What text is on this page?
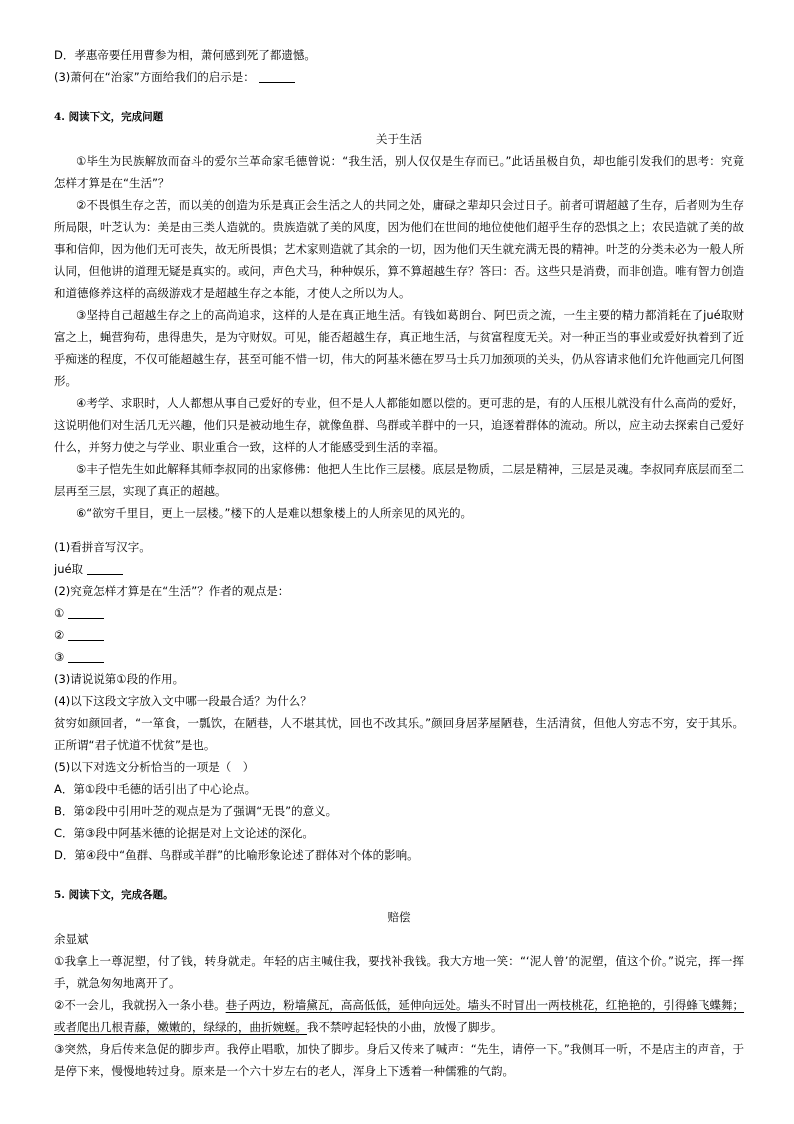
D．孝惠帝要任用曹参为相，萧何感到死了都遗憾。

(3)萧何在“治家”方面给我们的启示是：

4. 阅读下文，完成问题

关于生活

①毕生为民族解放而奋斗的爱尔兰革命家毛德曾说：“我生活，别人仅仅是生存而已。”此话虽极自负，却也能引发我们的思考：究竟怎样才算是在“生活”？

②不畏惧生存之苦，而以美的创造为乐是真正会生活之人的共同之处，庸碌之辈却只会过日子。前者可谓超越了生存，后者则为生存所局限，叶芝认为：美是由三类人造就的。贵族造就了美的风度，因为他们在世间的地位使他们超乎生存的恐惧之上；农民造就了美的故事和信仰，因为他们无可丧失，故无所畏惧；艺术家则造就了其余的一切，因为他们天生就充满无畏的精神。叶芝的分类未必为一般人所认同，但他讲的道理无疑是真实的。或问，声色犬马，种种娱乐，算不算超越生存？答曰：否。这些只是消费，而非创造。唯有智力创造和道德修养这样的高级游戏才是超越生存之本能，才使人之所以为人。

③坚持自己超越生存之上的高尚追求，这样的人是在真正地生活。有钱如葛朗台、阿巴贡之流，一生主要的精力都消耗在了jué取财富之上，蝇营狗苟，患得患失，是为守财奴。可见，能否超越生存，真正地生活，与贫富程度无关。对一种正当的事业或爱好执着到了近乎痴迷的程度，不仅可能超越生存，甚至可能不惜一切，伟大的阿基米德在罗马士兵刀加颈项的关头，仍从容请求他们允许他画完几何图形。

④考学、求职时，人人都想从事自己爱好的专业，但不是人人都能如愿以偿的。更可悲的是，有的人压根儿就没有什么高尚的爱好，这说明他们对生活几无兴趣，他们只是被动地生存，就像鱼群、鸟群或羊群中的一只，追逐着群体的流动。所以，应主动去探索自己爱好什么，并努力使之与学业、职业重合一致，这样的人才能感受到生活的幸福。

⑤丰子恺先生如此解释其师李叔同的出家修佛：他把人生比作三层楼。底层是物质，二层是精神，三层是灵魂。李叔同弃底层而至二层再至三层，实现了真正的超越。

⑥“欲穷千里目，更上一层楼。”楼下的人是难以想象楼上的人所亲见的风光的。

(1)看拼音写汉字。

jué取

(2)究竟怎样才算是在“生活”？作者的观点是：

①

②

③

(3)请说说第①段的作用。

(4)以下这段文字放入文中哪一段最合适？为什么？

贫穷如颜回者，“一箪食，一瓢饮，在陋巷，人不堪其忧，回也不改其乐。”颜回身居茅屋陋巷，生活清贫，但他人穷志不穷，安于其乐。正所谓“君子忧道不忧贫”是也。

(5)以下对选文分析恰当的一项是（　）

A．第①段中毛德的话引出了中心论点。

B．第②段中引用叶芝的观点是为了强调“无畏”的意义。

C．第③段中阿基米德的论据是对上文论述的深化。

D．第④段中“鱼群、鸟群或羊群”的比喻形象论述了群体对个体的影响。

5. 阅读下文，完成各题。

赔偿

余显斌

①我拿上一尊泥塑，付了钱，转身就走。年轻的店主喊住我，要找补我钱。我大方地一笑：“‘泥人曾’的泥塑，值这个价。”说完，挥一挥手，就急匆匆地离开了。

②不一会儿，我就拐入一条小巷。巷子两边，粉墙黛瓦，高高低低，延伸向远处。墙头不时冒出一两枝桃花，红艳艳的，引得蜂飞蝶舞；或者爬出几根青藤，嫩嫩的，绿绿的，曲折婉蜒。我不禁哼起轻快的小曲，放慢了脚步。

③突然，身后传来急促的脚步声。我停止唱歌，加快了脚步。身后又传来了喊声：“先生，请停一下。”我侧耳一听，不是店主的声音，于是停下来，慢慢地转过身。原来是一个六十岁左右的老人，浑身上下透着一种儒雅的气韵。
